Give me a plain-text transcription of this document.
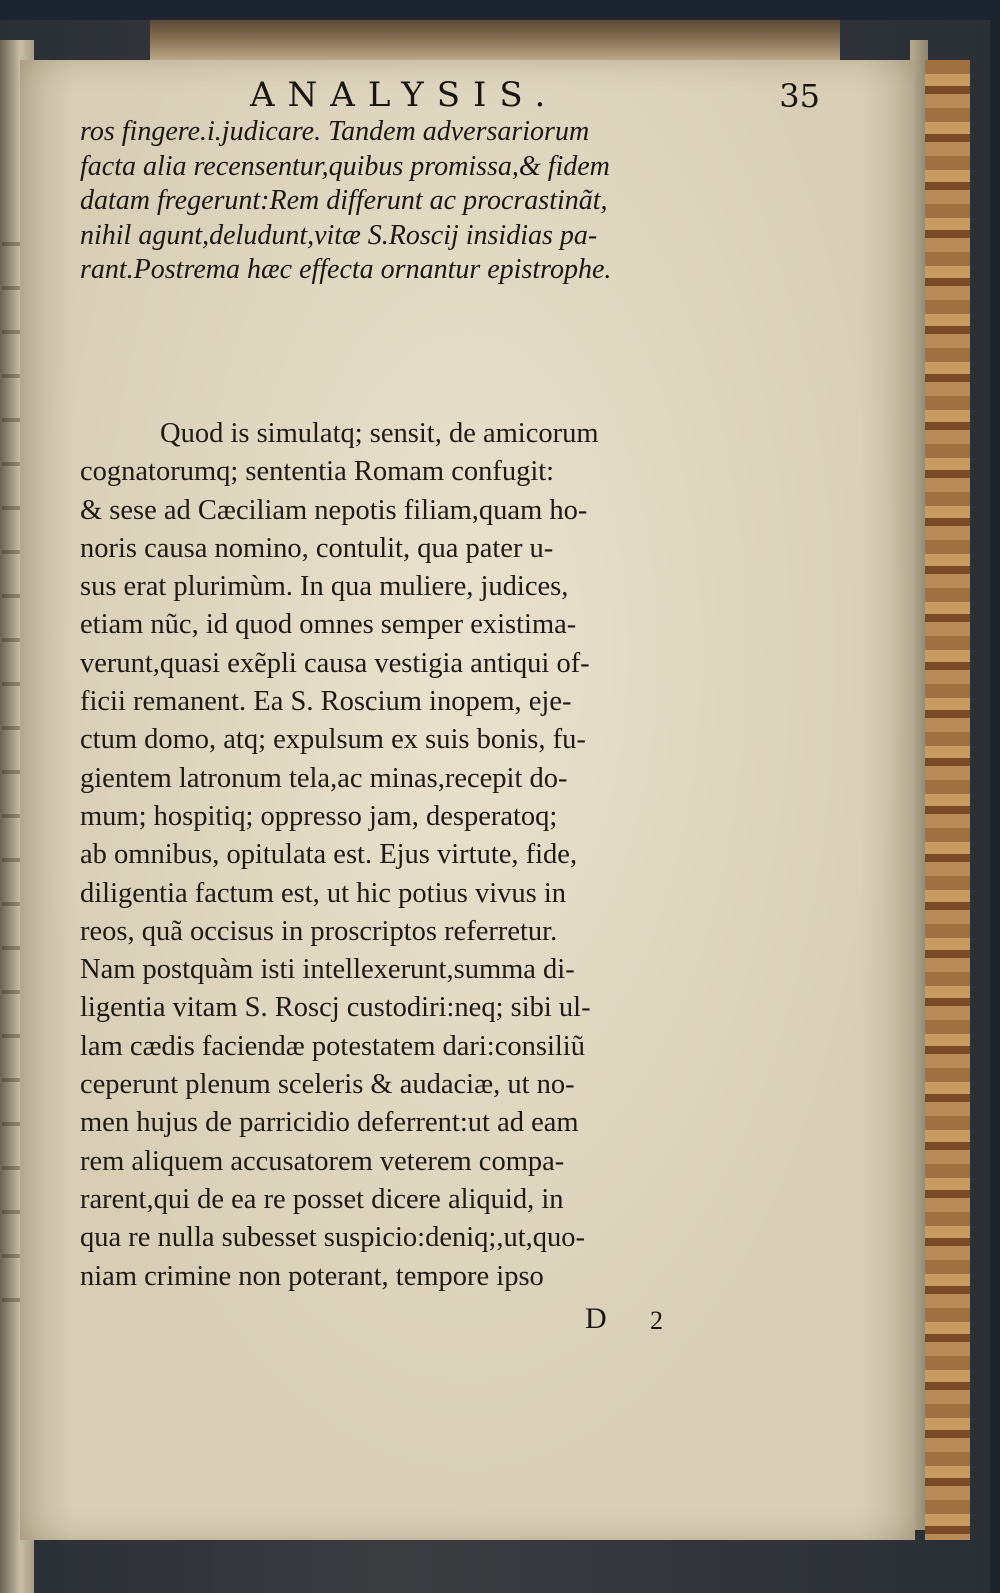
ANALYSIS.	35
ros fingere.i.judicare. Tandem adversariorum
facta alia recensentur,quibus promissa,& fidem
datam fregerunt:Rem differunt ac procrastinãt,
nihil agunt,deludunt,vitæ S.Roscij insidias pa-
rant.Postrema hæc effecta ornantur epistrophe.
Quod is simulatq; sensit, de amicorum
cognatorumq; sententia Romam confugit:
& sese ad Cæciliam nepotis filiam,quam ho-
noris causa nomino, contulit, qua pater u-
sus erat plurimùm. In qua muliere, judices,
etiam nũc, id quod omnes semper existima-
verunt,quasi exẽpli causa vestigia antiqui of-
ficii remanent. Ea S. Roscium inopem, eje-
ctum domo, atq; expulsum ex suis bonis, fu-
gientem latronum tela,ac minas,recepit do-
mum; hospitiq; oppresso jam, desperatoq;
ab omnibus, opitulata est. Ejus virtute, fide,
diligentia factum est, ut hic potius vivus in
reos, quã occisus in proscriptos referretur.
Nam postquàm isti intellexerunt,summa di-
ligentia vitam S. Roscj custodiri:neq; sibi ul-
lam cædis faciendæ potestatem dari:consiliũ
ceperunt plenum sceleris & audaciæ, ut no-
men hujus de parricidio deferrent:ut ad eam
rem aliquem accusatorem veterem compa-
rarent,qui de ea re posset dicere aliquid, in
qua re nulla subesset suspicio:deniq;,ut,quo-
niam crimine non poterant, tempore ipso
D 2
